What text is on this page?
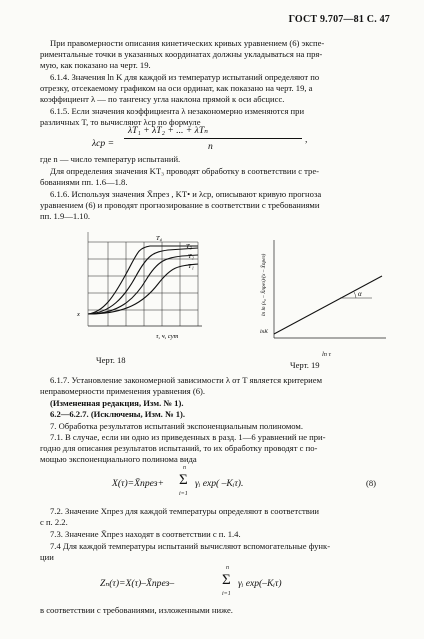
ГОСТ 9.707—81 С. 47
При правомерности описания кинетических кривых уравнением (6) экспе-
риментальные точки в указанных координатах должны укладываться на пря-
мую, как показано на черт. 19.
6.1.4. Значения ln K для каждой из температур испытаний определяют по
отрезку, отсекаемому графиком на оси ординат, как показано на черт. 19, а
коэффициент λ — по тангенсу угла наклона прямой к оси абсцисс.
6.1.5. Если значения коэффициента λ незакономерно изменяются при
различных T, то вычисляют λср по формуле
λср =
λT₁ + λT₂ + ... + λTₙ
n
,
где n — число температур испытаний.
Для определения значения KT₃ проводят обработку в соответствии с тре-
бованиями пп. 1.6—1.8.
6.1.6. Используя значения X̄през , KT• и λср, описывают кривую прогноза
уравнением (6) и проводят прогнозирование в соответствии с требованиями
пп. 1.9—1.10.
T₄
T₃
T₂
T₁
x
τ, ч, сут
α
lnK
ln ln (x₀ – X̄през)/(x – X̄през)
ln τ
Черт. 18	Черт. 19
6.1.7. Установление закономерной зависимости λ от T является критерием
неправомерности применения уравнения (6).
(Измененная редакция, Изм. № 1).
6.2—6.2.7. (Исключены, Изм. № 1).
7. Обработка результатов испытаний экспоненциальным полиномом.
7.1. В случае, если ни одно из приведенных в разд. 1—6 уравнений не при-
годно для описания результатов испытаний, то их обработку проводят с по-
мощью экспоненциального полинома вида
X(τ)=X̄през+
n
Σ
i=1
γᵢ exp( –Kᵢτ).	(8)
7.2. Значение Xпрез для каждой температуры определяют в соответствии
с п. 2.2.
7.3. Значение X̄през находят в соответствии с п. 1.4.
7.4 Для каждой температуры испытаний вычисляют вспомогательные функ-
ции
Zₙ(τ)=X(τ)–X̄през–
n
Σ
i=1
γᵢ exp(–Kᵢτ)
в соответствии с требованиями, изложенными ниже.
